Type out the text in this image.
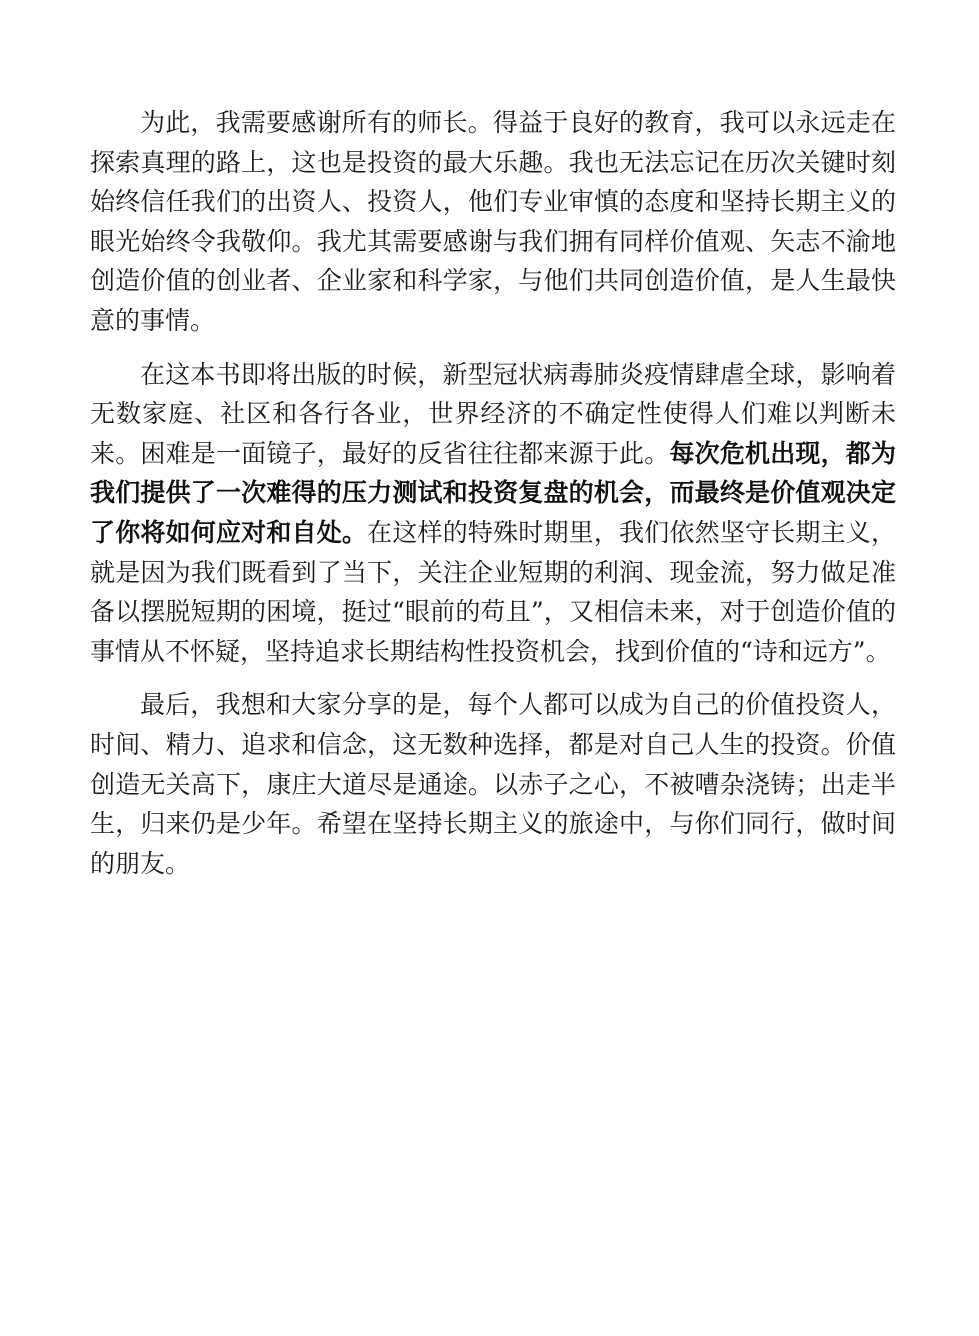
为此，我需要感谢所有的师长。得益于良好的教育，我可以永远走在探索真理的路上，这也是投资的最大乐趣。我也无法忘记在历次关键时刻始终信任我们的出资人、投资人，他们专业审慎的态度和坚持长期主义的眼光始终令我敬仰。我尤其需要感谢与我们拥有同样价值观、矢志不渝地创造价值的创业者、企业家和科学家，与他们共同创造价值，是人生最快意的事情。

在这本书即将出版的时候，新型冠状病毒肺炎疫情肆虐全球，影响着无数家庭、社区和各行各业，世界经济的不确定性使得人们难以判断未来。困难是一面镜子，最好的反省往往都来源于此。每次危机出现，都为我们提供了一次难得的压力测试和投资复盘的机会，而最终是价值观决定了你将如何应对和自处。在这样的特殊时期里，我们依然坚守长期主义，就是因为我们既看到了当下，关注企业短期的利润、现金流，努力做足准备以摆脱短期的困境，挺过“眼前的苟且”，又相信未来，对于创造价值的事情从不怀疑，坚持追求长期结构性投资机会，找到价值的“诗和远方”。

最后，我想和大家分享的是，每个人都可以成为自己的价值投资人，时间、精力、追求和信念，这无数种选择，都是对自己人生的投资。价值创造无关高下，康庄大道尽是通途。以赤子之心，不被嘈杂浇铸；出走半生，归来仍是少年。希望在坚持长期主义的旅途中，与你们同行，做时间的朋友。
